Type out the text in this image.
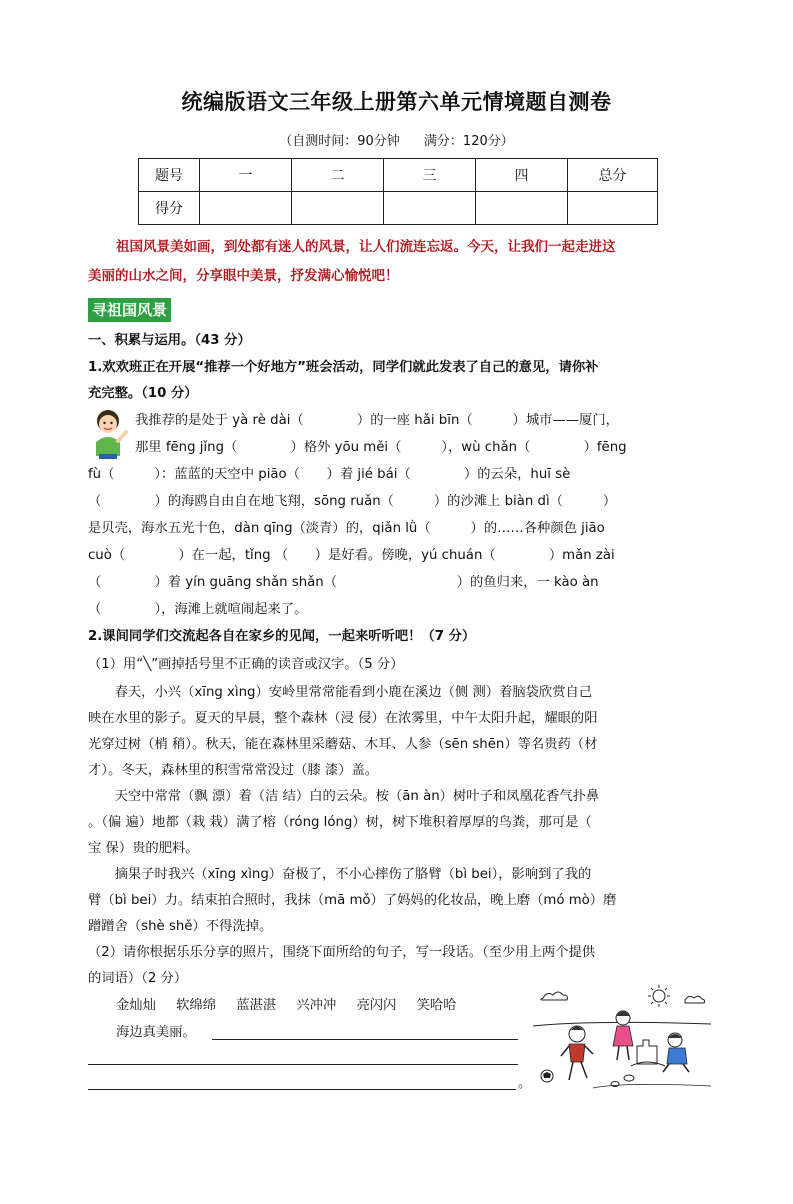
统编版语文三年级上册第六单元情境题自测卷
（自测时间：90分钟 满分：120分）
题号	一	二	三	四	总分
得分					
祖国风景美如画，到处都有迷人的风景，让人们流连忘返。今天，让我们一起走进这
美丽的山水之间，分享眼中美景，抒发满心愉悦吧！
寻祖国风景
一、积累与运用。（43 分）
1.欢欢班正在开展“推荐一个好地方”班会活动，同学们就此发表了自己的意见，请你补
充完整。（10 分）
我推荐的是处于 yà rè dài（　　　　）的一座 hǎi bīn（　　　）城市——厦门，
那里 fēng jǐng（　　　　）格外 yōu měi（　　　），wù chǎn（　　　　）fēng
fù（　　　）：蓝蓝的天空中 piāo（　　）着 jié bái（　　　　）的云朵，huī sè
（　　　　）的海鸥自由自在地飞翔，sōng ruǎn（　　　）的沙滩上 biàn dì（　　　）
是贝壳，海水五光十色，dàn qīng（淡青）的，qiǎn lǜ（　　　）的……各种颜色 jiāo
cuò（　　　　）在一起，tǐng （　　）是好看。傍晚，yú chuán（　　　　）mǎn zài
（　　　　）着 yín guāng shǎn shǎn（　　　　　　　　　）的鱼归来，一 kào àn
（　　　　），海滩上就喧闹起来了。
2.课间同学们交流起各自在家乡的见闻，一起来听听吧！（7 分）
（1）用“╲”画掉括号里不正确的读音或汉字。（5 分）
　　春天，小兴（xīng xìng）安岭里常常能看到小鹿在溪边（侧 测）着脑袋欣赏自己
映在水里的影子。夏天的早晨，整个森林（浸 侵）在浓雾里，中午太阳升起，耀眼的阳
光穿过树（梢 稍）。秋天，能在森林里采蘑菇、木耳、人参（sēn shēn）等名贵药（材
才）。冬天，森林里的积雪常常没过（膝 漆）盖。
　　天空中常常（飘 漂）着（洁 结）白的云朵。桉（ān àn）树叶子和凤凰花香气扑鼻
。（偏 遍）地都（栽 栽）满了榕（róng lóng）树，树下堆积着厚厚的鸟粪，那可是（
宝 保）贵的肥料。
　　摘果子时我兴（xīng xìng）奋极了，不小心摔伤了胳臂（bì bei），影响到了我的
臂（bì bei）力。结束拍合照时，我抹（mā mǒ）了妈妈的化妆品，晚上磨（mó mò）磨
蹭蹭舍（shè shě）不得洗掉。
（2）请你根据乐乐分享的照片，围绕下面所给的句子，写一段话。（至少用上两个提供
的词语）（2 分）
金灿灿 软绵绵 蓝湛湛 兴冲冲 亮闪闪 笑哈哈
海边真美丽。
。
